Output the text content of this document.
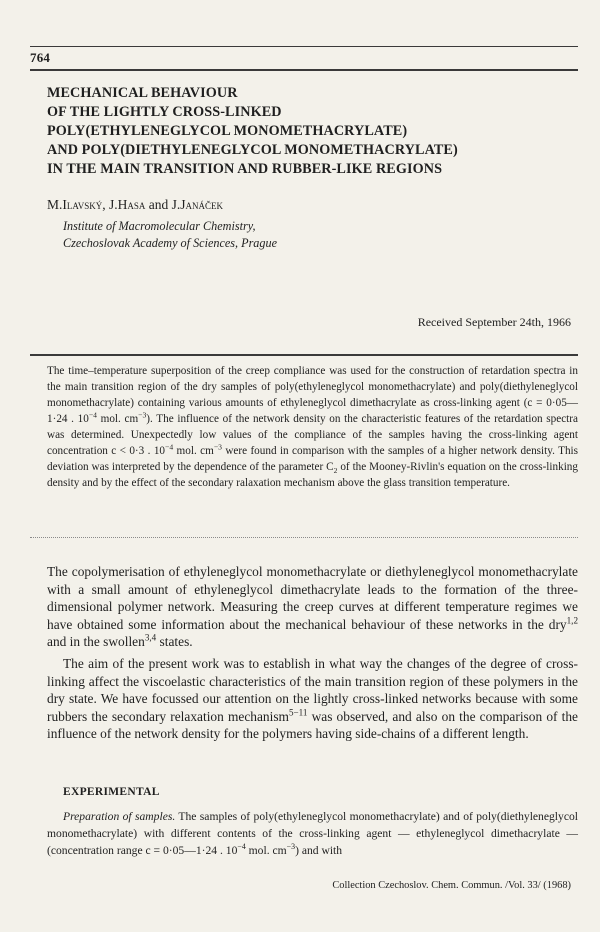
764
MECHANICAL BEHAVIOUR
OF THE LIGHTLY CROSS-LINKED
POLY(ETHYLENEGLYCOL MONOMETHACRYLATE)
AND POLY(DIETHYLENEGLYCOL MONOMETHACRYLATE)
IN THE MAIN TRANSITION AND RUBBER-LIKE REGIONS
M.Ilavský, J.Hasa and J.Janáček
Institute of Macromolecular Chemistry,
Czechoslovak Academy of Sciences, Prague
Received September 24th, 1966
The time–temperature superposition of the creep compliance was used for the construction of retardation spectra in the main transition region of the dry samples of poly(ethyleneglycol monomethacrylate) and poly(diethyleneglycol monomethacrylate) containing various amounts of ethyleneglycol dimethacrylate as cross-linking agent (c = 0·05—1·24 . $10^{-4}$ mol. $cm^{-3}$). The influence of the network density on the characteristic features of the retardation spectra was determined. Unexpectedly low values of the compliance of the samples having the cross-linking agent concentration c < 0·3 . $10^{-4}$ mol. $cm^{-3}$ were found in comparison with the samples of a higher network density. This deviation was interpreted by the dependence of the parameter $C_2$ of the Mooney-Rivlin's equation on the cross-linking density and by the effect of the secondary ralaxation mechanism above the glass transition temperature.
The copolymerisation of ethyleneglycol monomethacrylate or diethyleneglycol monomethacrylate with a small amount of ethyleneglycol dimethacrylate leads to the formation of the three-dimensional polymer network. Measuring the creep curves at different temperature regimes we have obtained some information about the mechanical behaviour of these networks in the dry$^{1,2}$ and in the swollen$^{3,4}$ states.
The aim of the present work was to establish in what way the changes of the degree of cross-linking affect the viscoelastic characteristics of the main transition region of these polymers in the dry state. We have focussed our attention on the lightly cross-linked networks because with some rubbers the secondary relaxation mechanism$^{5-11}$ was observed, and also on the comparison of the influence of the network density for the polymers having side-chains of a different length.
EXPERIMENTAL
Preparation of samples. The samples of poly(ethyleneglycol monomethacrylate) and of poly(diethyleneglycol monomethacrylate) with different contents of the cross-linking agent — ethyleneglycol dimethacrylate — (concentration range c = 0·05—1·24 . $10^{-4}$ mol. $cm^{-3}$) and with
Collection Czechoslov. Chem. Commun. /Vol. 33/ (1968)
